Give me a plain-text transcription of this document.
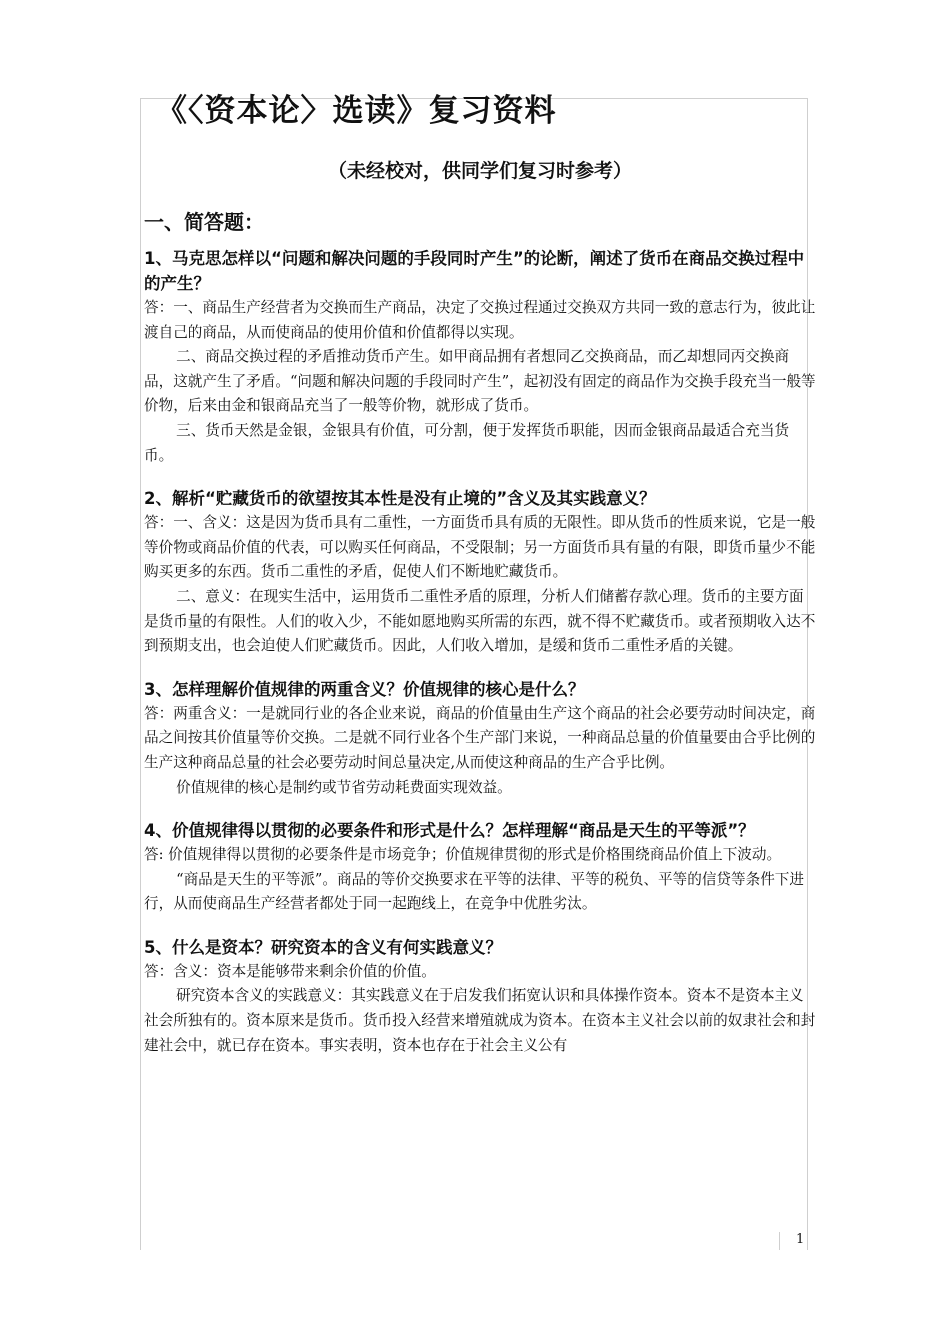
《〈资本论〉选读》复习资料
（未经校对，供同学们复习时参考）
一、简答题：

1、马克思怎样以“问题和解决问题的手段同时产生”的论断，阐述了货币在商品交换过程中的产生？

答：一、商品生产经营者为交换而生产商品，决定了交换过程通过交换双方共同一致的意志行为，彼此让渡自己的商品，从而使商品的使用价值和价值都得以实现。

二、商品交换过程的矛盾推动货币产生。如甲商品拥有者想同乙交换商品，而乙却想同丙交换商品，这就产生了矛盾。“问题和解决问题的手段同时产生”，起初没有固定的商品作为交换手段充当一般等价物，后来由金和银商品充当了一般等价物，就形成了货币。

三、货币天然是金银，金银具有价值，可分割，便于发挥货币职能，因而金银商品最适合充当货币。

2、解析“贮藏货币的欲望按其本性是没有止境的”含义及其实践意义？

答：一、含义：这是因为货币具有二重性，一方面货币具有质的无限性。即从货币的性质来说，它是一般等价物或商品价值的代表，可以购买任何商品，不受限制；另一方面货币具有量的有限，即货币量少不能购买更多的东西。货币二重性的矛盾，促使人们不断地贮藏货币。

二、意义：在现实生活中，运用货币二重性矛盾的原理，分析人们储蓄存款心理。货币的主要方面是货币量的有限性。人们的收入少，不能如愿地购买所需的东西，就不得不贮藏货币。或者预期收入达不到预期支出，也会迫使人们贮藏货币。因此，人们收入增加，是缓和货币二重性矛盾的关键。

3、怎样理解价值规律的两重含义？价值规律的核心是什么？

答：两重含义：一是就同行业的各企业来说，商品的价值量由生产这个商品的社会必要劳动时间决定，商品之间按其价值量等价交换。二是就不同行业各个生产部门来说，一种商品总量的价值量要由合乎比例的生产这种商品总量的社会必要劳动时间总量决定,从而使这种商品的生产合乎比例。

价值规律的核心是制约或节省劳动耗费面实现效益。

4、价值规律得以贯彻的必要条件和形式是什么？怎样理解“商品是天生的平等派”？

答: 价值规律得以贯彻的必要条件是市场竞争；价值规律贯彻的形式是价格围绕商品价值上下波动。

“商品是天生的平等派”。商品的等价交换要求在平等的法律、平等的税负、平等的信贷等条件下进行，从而使商品生产经营者都处于同一起跑线上，在竞争中优胜劣汰。

5、什么是资本？研究资本的含义有何实践意义？

答：含义：资本是能够带来剩余价值的价值。

研究资本含义的实践意义：其实践意义在于启发我们拓宽认识和具体操作资本。资本不是资本主义社会所独有的。资本原来是货币。货币投入经营来增殖就成为资本。在资本主义社会以前的奴隶社会和封建社会中，就已存在资本。事实表明，资本也存在于社会主义公有

1
